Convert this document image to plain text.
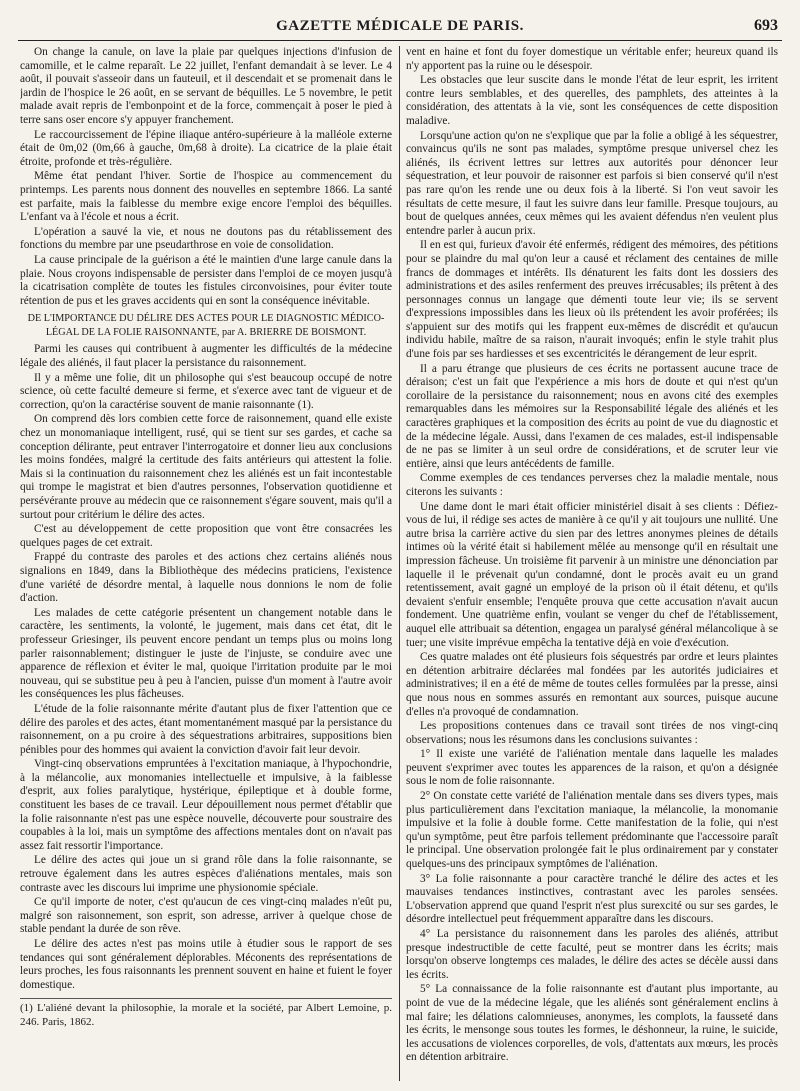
GAZETTE MÉDICALE DE PARIS.	693

On change la canule, on lave la plaie par quelques injections d'infusion de camomille, et le calme reparaît. Le 22 juillet, l'enfant demandait à se lever. Le 4 août, il pouvait s'asseoir dans un fauteuil, et il descendait et se promenait dans le jardin de l'hospice le 26 août, en se servant de béquilles. Le 5 novembre, le petit malade avait repris de l'embonpoint et de la force, commençait à poser le pied à terre sans oser encore s'y appuyer franchement.

Le raccourcissement de l'épine iliaque antéro-supérieure à la malléole externe était de 0m,02 (0m,66 à gauche, 0m,68 à droite). La cicatrice de la plaie était étroite, profonde et très-régulière.

Même état pendant l'hiver. Sortie de l'hospice au commencement du printemps. Les parents nous donnent des nouvelles en septembre 1866. La santé est parfaite, mais la faiblesse du membre exige encore l'emploi des béquilles. L'enfant va à l'école et nous a écrit.

L'opération a sauvé la vie, et nous ne doutons pas du rétablissement des fonctions du membre par une pseudarthrose en voie de consolidation.

La cause principale de la guérison a été le maintien d'une large canule dans la plaie. Nous croyons indispensable de persister dans l'emploi de ce moyen jusqu'à la cicatrisation complète de toutes les fistules circonvoisines, pour éviter toute rétention de pus et les graves accidents qui en sont la conséquence inévitable.

DE L'IMPORTANCE DU DÉLIRE DES ACTES POUR LE DIAGNOSTIC MÉDICO-LÉGAL DE LA FOLIE RAISONNANTE, par A. BRIERRE DE BOISMONT.

Parmi les causes qui contribuent à augmenter les difficultés de la médecine légale des aliénés, il faut placer la persistance du raisonnement.

Il y a même une folie, dit un philosophe qui s'est beaucoup occupé de notre science, où cette faculté demeure si ferme, et s'exerce avec tant de vigueur et de correction, qu'on la caractérise souvent de manie raisonnante (1).

On comprend dès lors combien cette force de raisonnement, quand elle existe chez un monomaniaque intelligent, rusé, qui se tient sur ses gardes, et cache sa conception délirante, peut entraver l'interrogatoire et donner lieu aux conclusions les moins fondées, malgré la certitude des faits antérieurs qui attestent la folie. Mais si la continuation du raisonnement chez les aliénés est un fait incontestable qui trompe le magistrat et bien d'autres personnes, l'observation quotidienne et persévérante prouve au médecin que ce raisonnement s'égare souvent, mais qu'il a surtout pour critérium le délire des actes.

C'est au développement de cette proposition que vont être consacrées les quelques pages de cet extrait.

Frappé du contraste des paroles et des actions chez certains aliénés nous signalions en 1849, dans la Bibliothèque des médecins praticiens, l'existence d'une variété de désordre mental, à laquelle nous donnions le nom de folie d'action.

Les malades de cette catégorie présentent un changement notable dans le caractère, les sentiments, la volonté, le jugement, mais dans cet état, dit le professeur Griesinger, ils peuvent encore pendant un temps plus ou moins long parler raisonnablement; distinguer le juste de l'injuste, se conduire avec une apparence de réflexion et éviter le mal, quoique l'irritation produite par le moi nouveau, qui se substitue peu à peu à l'ancien, puisse d'un moment à l'autre avoir les conséquences les plus fâcheuses.

L'étude de la folie raisonnante mérite d'autant plus de fixer l'attention que ce délire des paroles et des actes, étant momentanément masqué par la persistance du raisonnement, on a pu croire à des séquestrations arbitraires, suppositions bien pénibles pour des hommes qui avaient la conviction d'avoir fait leur devoir.

Vingt-cinq observations empruntées à l'excitation maniaque, à l'hypochondrie, à la mélancolie, aux monomanies intellectuelle et impulsive, à la faiblesse d'esprit, aux folies paralytique, hystérique, épileptique et à double forme, constituent les bases de ce travail. Leur dépouillement nous permet d'établir que la folie raisonnante n'est pas une espèce nouvelle, découverte pour soustraire des coupables à la loi, mais un symptôme des affections mentales dont on n'avait pas assez fait ressortir l'importance.

Le délire des actes qui joue un si grand rôle dans la folie raisonnante, se retrouve également dans les autres espèces d'aliénations mentales, mais son contraste avec les discours lui imprime une physionomie spéciale.

Ce qu'il importe de noter, c'est qu'aucun de ces vingt-cinq malades n'eût pu, malgré son raisonnement, son esprit, son adresse, arriver à quelque chose de stable pendant la durée de son rêve.

Le délire des actes n'est pas moins utile à étudier sous le rapport de ses tendances qui sont généralement déplorables. Méconents des représentations de leurs proches, les fous raisonnants les prennent souvent en haine et fuient le foyer domestique.

(1) L'aliéné devant la philosophie, la morale et la société, par Albert Lemoine, p. 246. Paris, 1862.

vent en haine et font du foyer domestique un véritable enfer; heureux quand ils n'y apportent pas la ruine ou le désespoir.

Les obstacles que leur suscite dans le monde l'état de leur esprit, les irritent contre leurs semblables, et des querelles, des pamphlets, des atteintes à la considération, des attentats à la vie, sont les conséquences de cette disposition maladive.

Lorsqu'une action qu'on ne s'explique que par la folie a obligé à les séquestrer, convaincus qu'ils ne sont pas malades, symptôme presque universel chez les aliénés, ils écrivent lettres sur lettres aux autorités pour dénoncer leur séquestration, et leur pouvoir de raisonner est parfois si bien conservé qu'il n'est pas rare qu'on les rende une ou deux fois à la liberté. Si l'on veut savoir les résultats de cette mesure, il faut les suivre dans leur famille. Presque toujours, au bout de quelques années, ceux mêmes qui les avaient défendus n'en veulent plus entendre parler à aucun prix.

Il en est qui, furieux d'avoir été enfermés, rédigent des mémoires, des pétitions pour se plaindre du mal qu'on leur a causé et réclament des centaines de mille francs de dommages et intérêts. Ils dénaturent les faits dont les dossiers des administrations et des asiles renferment des preuves irrécusables; ils prêtent à des personnages connus un langage que démenti toute leur vie; ils se servent d'expressions impossibles dans les lieux où ils prétendent les avoir proférées; ils s'appuient sur des motifs qui les frappent eux-mêmes de discrédit et qu'aucun individu habile, maître de sa raison, n'aurait invoqués; enfin le style trahit plus d'une fois par ses hardiesses et ses excentricités le dérangement de leur esprit.

Il a paru étrange que plusieurs de ces écrits ne portassent aucune trace de déraison; c'est un fait que l'expérience a mis hors de doute et qui n'est qu'un corollaire de la persistance du raisonnement; nous en avons cité des exemples remarquables dans les mémoires sur la Responsabilité légale des aliénés et les caractères graphiques et la composition des écrits au point de vue du diagnostic et de la médecine légale. Aussi, dans l'examen de ces malades, est-il indispensable de ne pas se limiter à un seul ordre de considérations, et de scruter leur vie entière, ainsi que leurs antécédents de famille.

Comme exemples de ces tendances perverses chez la maladie mentale, nous citerons les suivants :

Une dame dont le mari était officier ministériel disait à ses clients : Défiez-vous de lui, il rédige ses actes de manière à ce qu'il y ait toujours une nullité. Une autre brisa la carrière active du sien par des lettres anonymes pleines de détails intimes où la vérité était si habilement mêlée au mensonge qu'il en résultait une impression fâcheuse. Un troisième fit parvenir à un ministre une dénonciation par laquelle il le prévenait qu'un condamné, dont le procès avait eu un grand retentissement, avait gagné un employé de la prison où il était détenu, et qu'ils devaient s'enfuir ensemble; l'enquête prouva que cette accusation n'avait aucun fondement. Une quatrième enfin, voulant se venger du chef de l'établissement, auquel elle attribuait sa détention, engagea un paralysé général mélancolique à se tuer; une visite imprévue empêcha la tentative déjà en voie d'exécution.

Ces quatre malades ont été plusieurs fois séquestrés par ordre et leurs plaintes en détention arbitraire déclarées mal fondées par les autorités judiciaires et administratives; il en a été de même de toutes celles formulées par la presse, ainsi que nous nous en sommes assurés en remontant aux sources, puisque aucune d'elles n'a provoqué de condamnation.

Les propositions contenues dans ce travail sont tirées de nos vingt-cinq observations; nous les résumons dans les conclusions suivantes :

1° Il existe une variété de l'aliénation mentale dans laquelle les malades peuvent s'exprimer avec toutes les apparences de la raison, et qu'on a désignée sous le nom de folie raisonnante.

2° On constate cette variété de l'aliénation mentale dans ses divers types, mais plus particulièrement dans l'excitation maniaque, la mélancolie, la monomanie impulsive et la folie à double forme. Cette manifestation de la folie, qui n'est qu'un symptôme, peut être parfois tellement prédominante que l'accessoire paraît le principal. Une observation prolongée fait le plus ordinairement par y constater quelques-uns des principaux symptômes de l'aliénation.

3° La folie raisonnante a pour caractère tranché le délire des actes et les mauvaises tendances instinctives, contrastant avec les paroles sensées. L'observation apprend que quand l'esprit n'est plus surexcité ou sur ses gardes, le désordre intellectuel peut fréquemment apparaître dans les discours.

4° La persistance du raisonnement dans les paroles des aliénés, attribut presque indestructible de cette faculté, peut se montrer dans les écrits; mais lorsqu'on observe longtemps ces malades, le délire des actes se décèle aussi dans les écrits.

5° La connaissance de la folie raisonnante est d'autant plus importante, au point de vue de la médecine légale, que les aliénés sont généralement enclins à mal faire; les délations calomnieuses, anonymes, les complots, la fausseté dans les écrits, le mensonge sous toutes les formes, le déshonneur, la ruine, le suicide, les accusations de violences corporelles, de vols, d'attentats aux mœurs, les procès en détention arbitraire.
